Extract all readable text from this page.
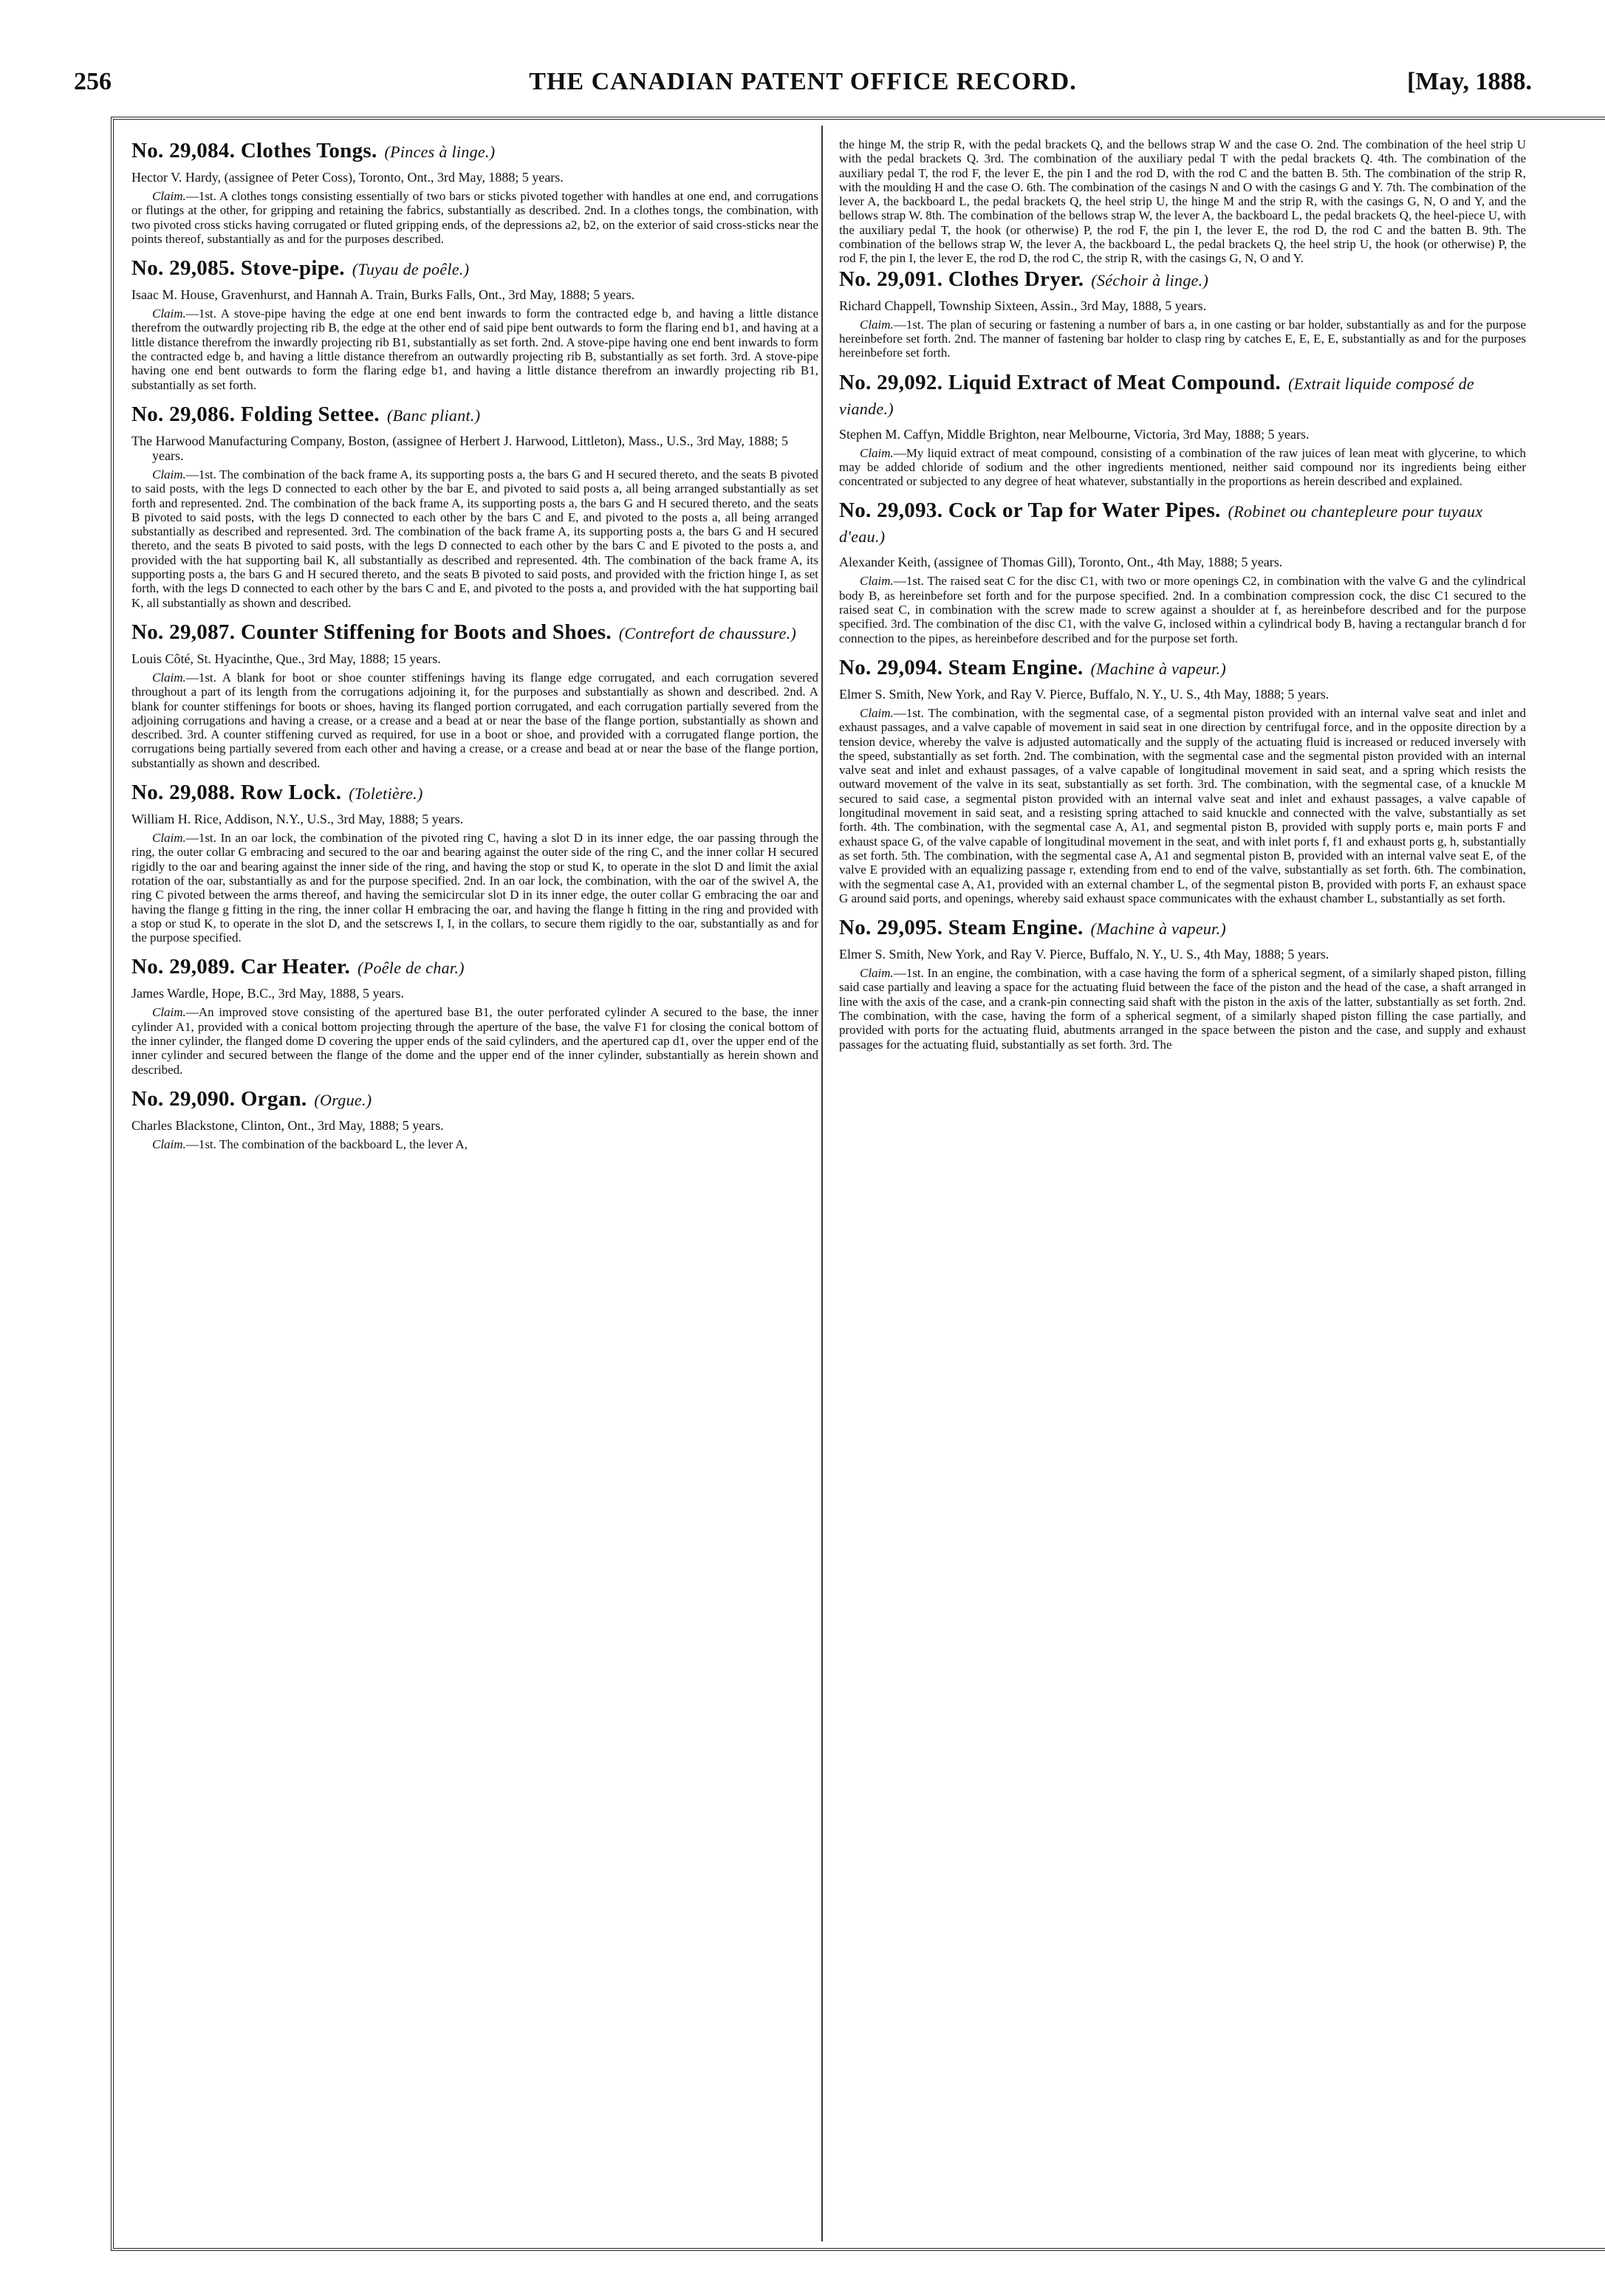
256	THE CANADIAN PATENT OFFICE RECORD.	[May, 1888.
No. 29,084. Clothes Tongs. (Pinces à linge.)
Hector V. Hardy, (assignee of Peter Coss), Toronto, Ont., 3rd May, 1888; 5 years.

Claim.—1st. A clothes tongs consisting essentially of two bars or sticks pivoted together with handles at one end, and corrugations or flutings at the other, for gripping and retaining the fabrics, substantially as described. 2nd. In a clothes tongs, the combination, with two pivoted cross sticks having corrugated or fluted gripping ends, of the depressions a2, b2, on the exterior of said cross-sticks near the points thereof, substantially as and for the purposes described.

No. 29,085. Stove-pipe. (Tuyau de poêle.)
Isaac M. House, Gravenhurst, and Hannah A. Train, Burks Falls, Ont., 3rd May, 1888; 5 years.

Claim.—1st. A stove-pipe having the edge at one end bent inwards to form the contracted edge b, and having a little distance therefrom the outwardly projecting rib B, the edge at the other end of said pipe bent outwards to form the flaring end b1, and having at a little distance therefrom the inwardly projecting rib B1, substantially as set forth. 2nd. A stove-pipe having one end bent inwards to form the contracted edge b, and having a little distance therefrom an outwardly projecting rib B, substantially as set forth. 3rd. A stove-pipe having one end bent outwards to form the flaring edge b1, and having a little distance therefrom an inwardly projecting rib B1, substantially as set forth.

No. 29,086. Folding Settee. (Banc pliant.)
The Harwood Manufacturing Company, Boston, (assignee of Herbert J. Harwood, Littleton), Mass., U.S., 3rd May, 1888; 5 years.

Claim.—1st. The combination of the back frame A, its supporting posts a, the bars G and H secured thereto, and the seats B pivoted to said posts, with the legs D connected to each other by the bar E, and pivoted to said posts a, all being arranged substantially as set forth and represented. 2nd. The combination of the back frame A, its supporting posts a, the bars G and H secured thereto, and the seats B pivoted to said posts, with the legs D connected to each other by the bars C and E, and pivoted to the posts a, all being arranged substantially as described and represented. 3rd. The combination of the back frame A, its supporting posts a, the bars G and H secured thereto, and the seats B pivoted to said posts, with the legs D connected to each other by the bars C and E pivoted to the posts a, and provided with the hat supporting bail K, all substantially as described and represented. 4th. The combination of the back frame A, its supporting posts a, the bars G and H secured thereto, and the seats B pivoted to said posts, and provided with the friction hinge I, as set forth, with the legs D connected to each other by the bars C and E, and pivoted to the posts a, and provided with the hat supporting bail K, all substantially as shown and described.

No. 29,087. Counter Stiffening for Boots and Shoes. (Contrefort de chaussure.)
Louis Côté, St. Hyacinthe, Que., 3rd May, 1888; 15 years.

Claim.—1st. A blank for boot or shoe counter stiffenings having its flange edge corrugated, and each corrugation severed throughout a part of its length from the corrugations adjoining it, for the purposes and substantially as shown and described. 2nd. A blank for counter stiffenings for boots or shoes, having its flanged portion corrugated, and each corrugation partially severed from the adjoining corrugations and having a crease, or a crease and a bead at or near the base of the flange portion, substantially as shown and described. 3rd. A counter stiffening curved as required, for use in a boot or shoe, and provided with a corrugated flange portion, the corrugations being partially severed from each other and having a crease, or a crease and bead at or near the base of the flange portion, substantially as shown and described.

No. 29,088. Row Lock. (Toletière.)
William H. Rice, Addison, N.Y., U.S., 3rd May, 1888; 5 years.

Claim.—1st. In an oar lock, the combination of the pivoted ring C, having a slot D in its inner edge, the oar passing through the ring, the outer collar G embracing and secured to the oar and bearing against the outer side of the ring C, and the inner collar H secured rigidly to the oar and bearing against the inner side of the ring, and having the stop or stud K, to operate in the slot D and limit the axial rotation of the oar, substantially as and for the purpose specified. 2nd. In an oar lock, the combination, with the oar of the swivel A, the ring C pivoted between the arms thereof, and having the semicircular slot D in its inner edge, the outer collar G embracing the oar and having the flange g fitting in the ring, the inner collar H embracing the oar, and having the flange h fitting in the ring and provided with a stop or stud K, to operate in the slot D, and the setscrews I, I, in the collars, to secure them rigidly to the oar, substantially as and for the purpose specified.

No. 29,089. Car Heater. (Poêle de char.)
James Wardle, Hope, B.C., 3rd May, 1888, 5 years.

Claim.—An improved stove consisting of the apertured base B1, the outer perforated cylinder A secured to the base, the inner cylinder A1, provided with a conical bottom projecting through the aperture of the base, the valve F1 for closing the conical bottom of the inner cylinder, the flanged dome D covering the upper ends of the said cylinders, and the apertured cap d1, over the upper end of the inner cylinder and secured between the flange of the dome and the upper end of the inner cylinder, substantially as herein shown and described.

No. 29,090. Organ. (Orgue.)
Charles Blackstone, Clinton, Ont., 3rd May, 1888; 5 years.

Claim.—1st. The combination of the backboard L, the lever A,

the hinge M, the strip R, with the pedal brackets Q, and the bellows strap W and the case O. 2nd. The combination of the heel strip U with the pedal brackets Q. 3rd. The combination of the auxiliary pedal T with the pedal brackets Q. 4th. The combination of the auxiliary pedal T, the rod F, the lever E, the pin I and the rod D, with the rod C and the batten B. 5th. The combination of the strip R, with the moulding H and the case O. 6th. The combination of the casings N and O with the casings G and Y. 7th. The combination of the lever A, the backboard L, the pedal brackets Q, the heel strip U, the hinge M and the strip R, with the casings G, N, O and Y, and the bellows strap W. 8th. The combination of the bellows strap W, the lever A, the backboard L, the pedal brackets Q, the heel-piece U, with the auxiliary pedal T, the hook (or otherwise) P, the rod F, the pin I, the lever E, the rod D, the rod C and the batten B. 9th. The combination of the bellows strap W, the lever A, the backboard L, the pedal brackets Q, the heel strip U, the hook (or otherwise) P, the rod F, the pin I, the lever E, the rod D, the rod C, the strip R, with the casings G, N, O and Y.

No. 29,091. Clothes Dryer. (Séchoir à linge.)
Richard Chappell, Township Sixteen, Assin., 3rd May, 1888, 5 years.

Claim.—1st. The plan of securing or fastening a number of bars a, in one casting or bar holder, substantially as and for the purpose hereinbefore set forth. 2nd. The manner of fastening bar holder to clasp ring by catches E, E, E, E, substantially as and for the purposes hereinbefore set forth.

No. 29,092. Liquid Extract of Meat Compound. (Extrait liquide composé de viande.)
Stephen M. Caffyn, Middle Brighton, near Melbourne, Victoria, 3rd May, 1888; 5 years.

Claim.—My liquid extract of meat compound, consisting of a combination of the raw juices of lean meat with glycerine, to which may be added chloride of sodium and the other ingredients mentioned, neither said compound nor its ingredients being either concentrated or subjected to any degree of heat whatever, substantially in the proportions as herein described and explained.

No. 29,093. Cock or Tap for Water Pipes. (Robinet ou chantepleure pour tuyaux d'eau.)
Alexander Keith, (assignee of Thomas Gill), Toronto, Ont., 4th May, 1888; 5 years.

Claim.—1st. The raised seat C for the disc C1, with two or more openings C2, in combination with the valve G and the cylindrical body B, as hereinbefore set forth and for the purpose specified. 2nd. In a combination compression cock, the disc C1 secured to the raised seat C, in combination with the screw made to screw against a shoulder at f, as hereinbefore described and for the purpose specified. 3rd. The combination of the disc C1, with the valve G, inclosed within a cylindrical body B, having a rectangular branch d for connection to the pipes, as hereinbefore described and for the purpose set forth.

No. 29,094. Steam Engine. (Machine à vapeur.)
Elmer S. Smith, New York, and Ray V. Pierce, Buffalo, N. Y., U. S., 4th May, 1888; 5 years.

Claim.—1st. The combination, with the segmental case, of a segmental piston provided with an internal valve seat and inlet and exhaust passages, and a valve capable of movement in said seat in one direction by centrifugal force, and in the opposite direction by a tension device, whereby the valve is adjusted automatically and the supply of the actuating fluid is increased or reduced inversely with the speed, substantially as set forth. 2nd. The combination, with the segmental case and the segmental piston provided with an internal valve seat and inlet and exhaust passages, of a valve capable of longitudinal movement in said seat, and a spring which resists the outward movement of the valve in its seat, substantially as set forth. 3rd. The combination, with the segmental case, of a knuckle M secured to said case, a segmental piston provided with an internal valve seat and inlet and exhaust passages, a valve capable of longitudinal movement in said seat, and a resisting spring attached to said knuckle and connected with the valve, substantially as set forth. 4th. The combination, with the segmental case A, A1, and segmental piston B, provided with supply ports e, main ports F and exhaust space G, of the valve capable of longitudinal movement in the seat, and with inlet ports f, f1 and exhaust ports g, h, substantially as set forth. 5th. The combination, with the segmental case A, A1 and segmental piston B, provided with an internal valve seat E, of the valve E provided with an equalizing passage r, extending from end to end of the valve, substantially as set forth. 6th. The combination, with the segmental case A, A1, provided with an external chamber L, of the segmental piston B, provided with ports F, an exhaust space G around said ports, and openings, whereby said exhaust space communicates with the exhaust chamber L, substantially as set forth.

No. 29,095. Steam Engine. (Machine à vapeur.)
Elmer S. Smith, New York, and Ray V. Pierce, Buffalo, N. Y., U. S., 4th May, 1888; 5 years.

Claim.—1st. In an engine, the combination, with a case having the form of a spherical segment, of a similarly shaped piston, filling said case partially and leaving a space for the actuating fluid between the face of the piston and the head of the case, a shaft arranged in line with the axis of the case, and a crank-pin connecting said shaft with the piston in the axis of the latter, substantially as set forth. 2nd. The combination, with the case, having the form of a spherical segment, of a similarly shaped piston filling the case partially, and provided with ports for the actuating fluid, abutments arranged in the space between the piston and the case, and supply and exhaust passages for the actuating fluid, substantially as set forth. 3rd. The
